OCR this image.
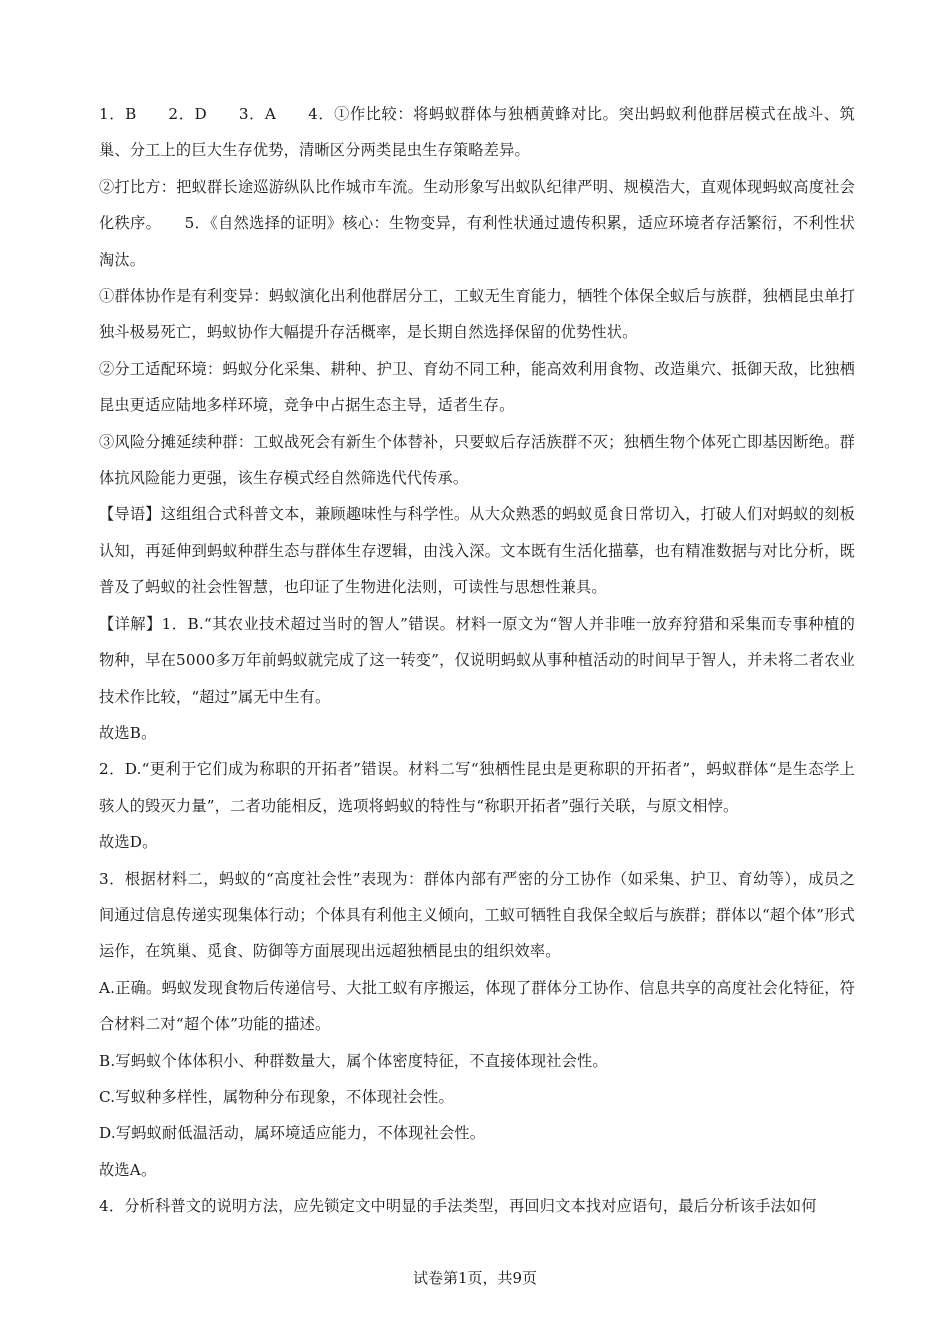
1．B　　2．D　　3．A　　4．①作比较：将蚂蚁群体与独栖黄蜂对比。突出蚂蚁利他群居模式在战斗、筑巢、分工上的巨大生存优势，清晰区分两类昆虫生存策略差异。

②打比方：把蚁群长途巡游纵队比作城市车流。生动形象写出蚁队纪律严明、规模浩大，直观体现蚂蚁高度社会化秩序。　　5．《自然选择的证明》核心：生物变异，有利性状通过遗传积累，适应环境者存活繁衍，不利性状淘汰。

①群体协作是有利变异：蚂蚁演化出利他群居分工，工蚁无生育能力，牺牲个体保全蚁后与族群，独栖昆虫单打独斗极易死亡，蚂蚁协作大幅提升存活概率，是长期自然选择保留的优势性状。

②分工适配环境：蚂蚁分化采集、耕种、护卫、育幼不同工种，能高效利用食物、改造巢穴、抵御天敌，比独栖昆虫更适应陆地多样环境，竞争中占据生态主导，适者生存。

③风险分摊延续种群：工蚁战死会有新生个体替补，只要蚁后存活族群不灭；独栖生物个体死亡即基因断绝。群体抗风险能力更强，该生存模式经自然筛选代代传承。

【导语】这组组合式科普文本，兼顾趣味性与科学性。从大众熟悉的蚂蚁觅食日常切入，打破人们对蚂蚁的刻板认知，再延伸到蚂蚁种群生态与群体生存逻辑，由浅入深。文本既有生活化描摹，也有精准数据与对比分析，既普及了蚂蚁的社会性智慧，也印证了生物进化法则，可读性与思想性兼具。

【详解】1．B.“其农业技术超过当时的智人”错误。材料一原文为“智人并非唯一放弃狩猎和采集而专事种植的物种，早在5000多万年前蚂蚁就完成了这一转变”，仅说明蚂蚁从事种植活动的时间早于智人，并未将二者农业技术作比较，“超过”属无中生有。

故选B。

2．D.“更利于它们成为称职的开拓者”错误。材料二写“独栖性昆虫是更称职的开拓者”，蚂蚁群体“是生态学上骇人的毁灭力量”，二者功能相反，选项将蚂蚁的特性与“称职开拓者”强行关联，与原文相悖。

故选D。

3．根据材料二，蚂蚁的“高度社会性”表现为：群体内部有严密的分工协作（如采集、护卫、育幼等），成员之间通过信息传递实现集体行动；个体具有利他主义倾向，工蚁可牺牲自我保全蚁后与族群；群体以“超个体”形式运作，在筑巢、觅食、防御等方面展现出远超独栖昆虫的组织效率。

A.正确。蚂蚁发现食物后传递信号、大批工蚁有序搬运，体现了群体分工协作、信息共享的高度社会化特征，符合材料二对“超个体”功能的描述。

B.写蚂蚁个体体积小、种群数量大，属个体密度特征，不直接体现社会性。

C.写蚁种多样性，属物种分布现象，不体现社会性。

D.写蚂蚁耐低温活动，属环境适应能力，不体现社会性。

故选A。

4．分析科普文的说明方法，应先锁定文中明显的手法类型，再回归文本找对应语句，最后分析该手法如何

试卷第1页，共9页
